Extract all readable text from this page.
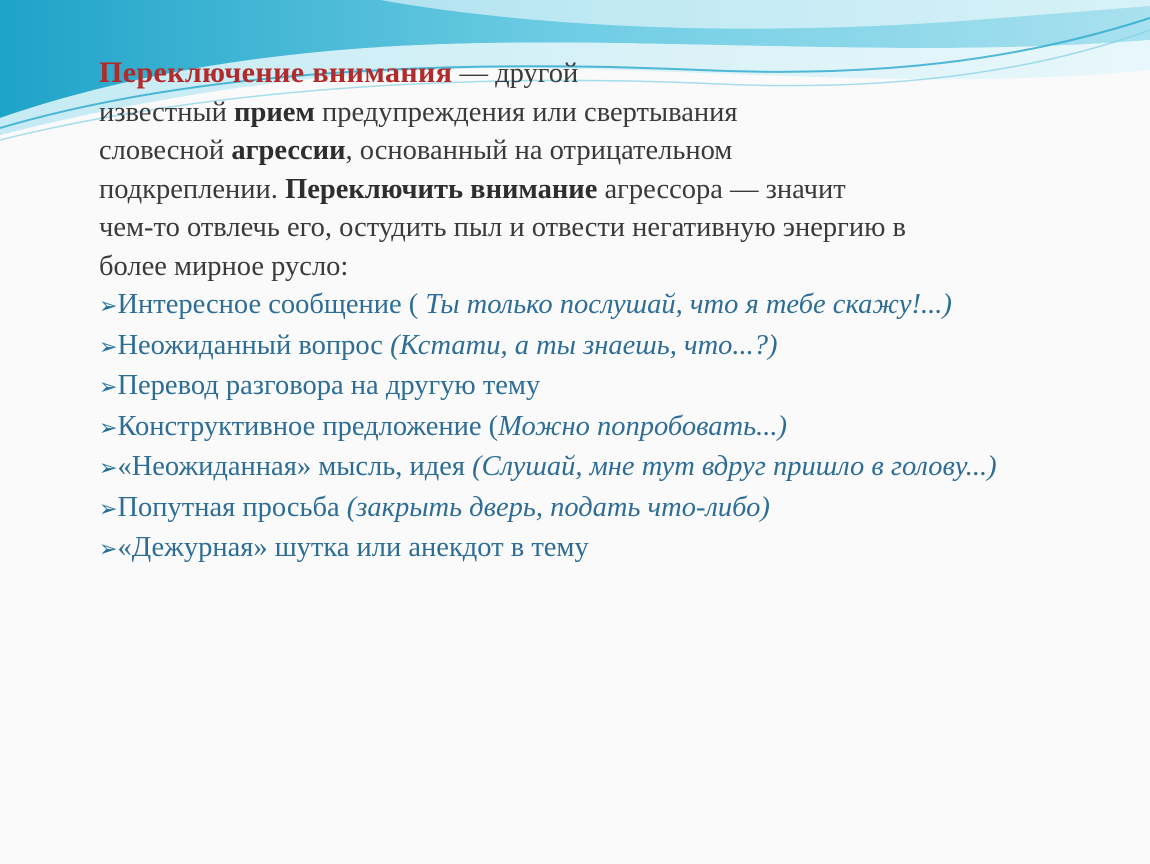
Переключение внимания — другой
известный прием предупреждения или свертывания
словесной агрессии, основанный на отрицательном
подкреплении. Переключить внимание агрессора — значит
чем-то отвлечь его, остудить пыл и отвести негативную энергию в
более мирное русло:
➢Интересное сообщение ( Ты только послушай, что я тебе скажу!...)
➢Неожиданный вопрос (Кстати, а ты знаешь, что...?)
➢Перевод разговора на другую тему
➢Конструктивное предложение (Можно попробовать...)
➢«Неожиданная» мысль, идея (Слушай, мне тут вдруг пришло в голову...)
➢Попутная просьба (закрыть дверь, подать что-либо)
➢«Дежурная» шутка или анекдот в тему
